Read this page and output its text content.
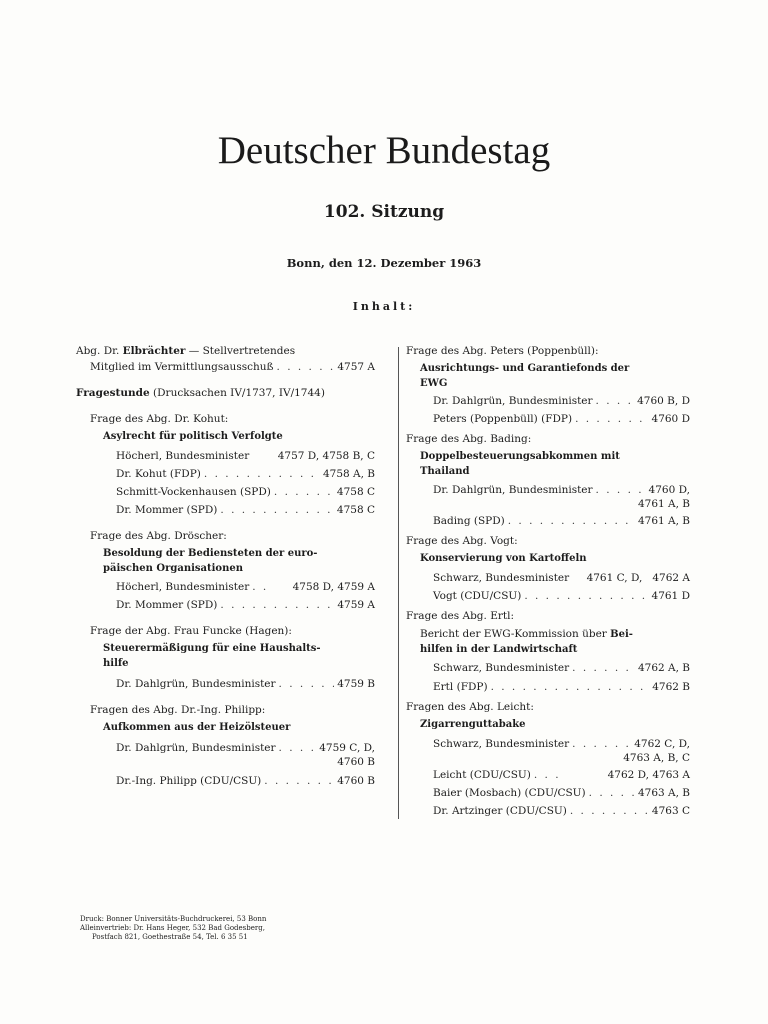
Deutscher Bundestag
102. Sitzung
Bonn, den 12. Dezember 1963
Inhalt:
Abg. Dr.
Elbrächter
— Stellvertretendes
Mitglied im Vermittlungsausschuß . . .	4757 A
Fragestunde
(Drucksachen IV/1737, IV/1744)
Frage des Abg. Dr. Kohut:
Asylrecht für politisch Verfolgte
Höcherl, Bundesminister	4757 D, 4758 B, C
Dr. Kohut (FDP) . . .	4758 A, B
Schmitt-Vockenhausen (SPD) . . .	4758 C
Dr. Mommer (SPD) . . .	4758 C
Frage des Abg. Dröscher:
Besoldung der Bediensteten der euro-
päischen Organisationen
Höcherl, Bundesminister . . .	4758 D, 4759 A
Dr. Mommer (SPD) . . .	4759 A
Frage der Abg. Frau Funcke (Hagen):
Steuerermäßigung für eine Haushalts-
hilfe
Dr. Dahlgrün, Bundesminister . . .	4759 B
Fragen des Abg. Dr.-Ing. Philipp:
Aufkommen aus der Heizölsteuer
Dr. Dahlgrün, Bundesminister . . .	4759 C, D,
4760 B
Dr.-Ing. Philipp (CDU/CSU) . . .	4760 B
Frage des Abg. Peters (Poppenbüll):
Ausrichtungs- und Garantiefonds der
EWG
Dr. Dahlgrün, Bundesminister . . .	4760 B, D
Peters (Poppenbüll) (FDP) . . .	4760 D
Frage des Abg. Bading:
Doppelbesteuerungsabkommen mit
Thailand
Dr. Dahlgrün, Bundesminister . . .	4760 D,
4761 A, B
Bading (SPD) . . .	4761 A, B
Frage des Abg. Vogt:
Konservierung von Kartoffeln
Schwarz, Bundesminister 4761 C, D,   4762 A
Vogt (CDU/CSU) . . .	4761 D
Frage des Abg. Ertl:
Bericht der EWG-Kommission über
Bei-
hilfen in der Landwirtschaft
Schwarz, Bundesminister . . .	4762 A, B
Ertl (FDP) . . .	4762 B
Fragen des Abg. Leicht:
Zigarrenguttabake
Schwarz, Bundesminister . . .	4762 C, D,
4763 A, B, C
Leicht (CDU/CSU) . . .	4762 D, 4763 A
Baier (Mosbach) (CDU/CSU) . . .	4763 A, B
Dr. Artzinger (CDU/CSU) . . .	4763 C
Druck: Bonner Universitäts-Buchdruckerei, 53 Bonn
Alleinvertrieb: Dr. Hans Heger, 532 Bad Godesberg,
Postfach 821, Goethestraße 54, Tel. 6 35 51
